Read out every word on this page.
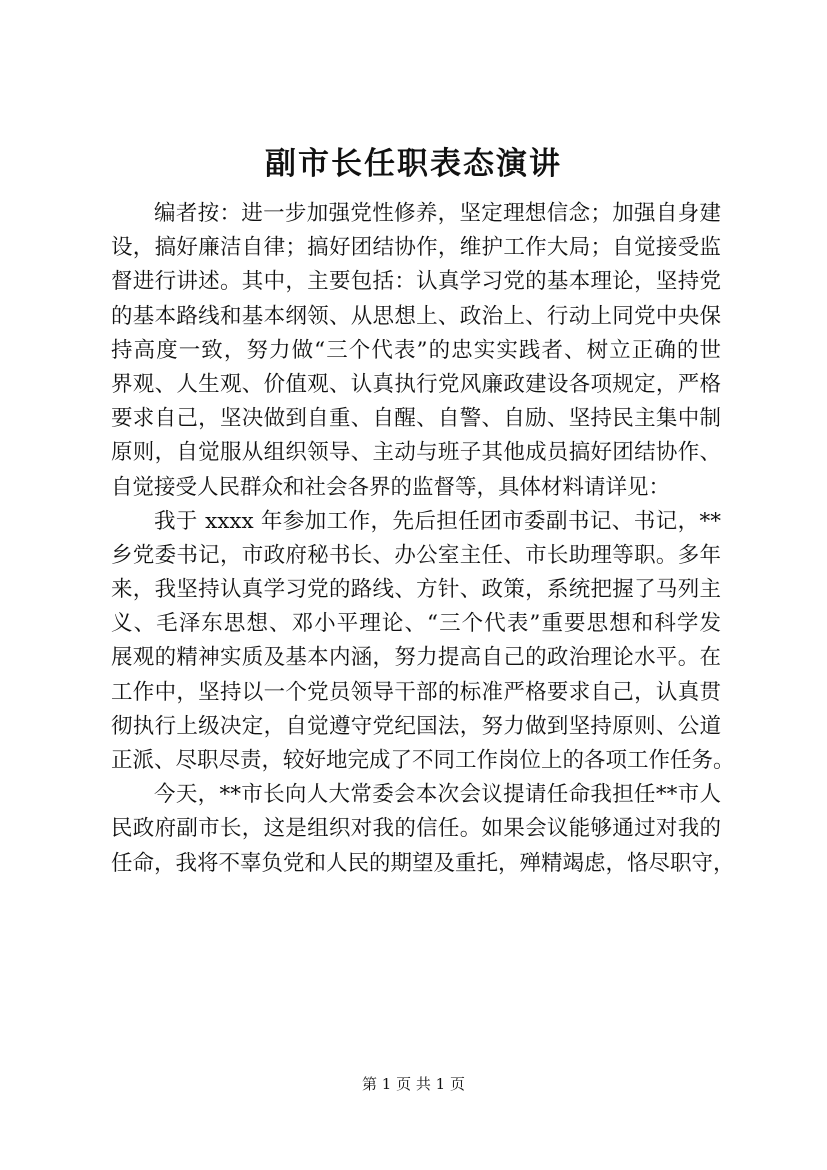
副市长任职表态演讲
编者按：进一步加强党性修养，坚定理想信念；加强自身建
设，搞好廉洁自律；搞好团结协作，维护工作大局；自觉接受监
督进行讲述。其中，主要包括：认真学习党的基本理论，坚持党
的基本路线和基本纲领、从思想上、政治上、行动上同党中央保
持高度一致，努力做“三个代表”的忠实实践者、树立正确的世
界观、人生观、价值观、认真执行党风廉政建设各项规定，严格
要求自己，坚决做到自重、自醒、自警、自励、坚持民主集中制
原则，自觉服从组织领导、主动与班子其他成员搞好团结协作、
自觉接受人民群众和社会各界的监督等，具体材料请详见：
我于 xxxx 年参加工作，先后担任团市委副书记、书记，**
乡党委书记，市政府秘书长、办公室主任、市长助理等职。多年
来，我坚持认真学习党的路线、方针、政策，系统把握了马列主
义、毛泽东思想、邓小平理论、“三个代表”重要思想和科学发
展观的精神实质及基本内涵，努力提高自己的政治理论水平。在
工作中，坚持以一个党员领导干部的标准严格要求自己，认真贯
彻执行上级决定，自觉遵守党纪国法，努力做到坚持原则、公道
正派、尽职尽责，较好地完成了不同工作岗位上的各项工作任务。
今天，**市长向人大常委会本次会议提请任命我担任**市人
民政府副市长，这是组织对我的信任。如果会议能够通过对我的
任命，我将不辜负党和人民的期望及重托，殚精竭虑，恪尽职守，
第 1 页 共 1 页
